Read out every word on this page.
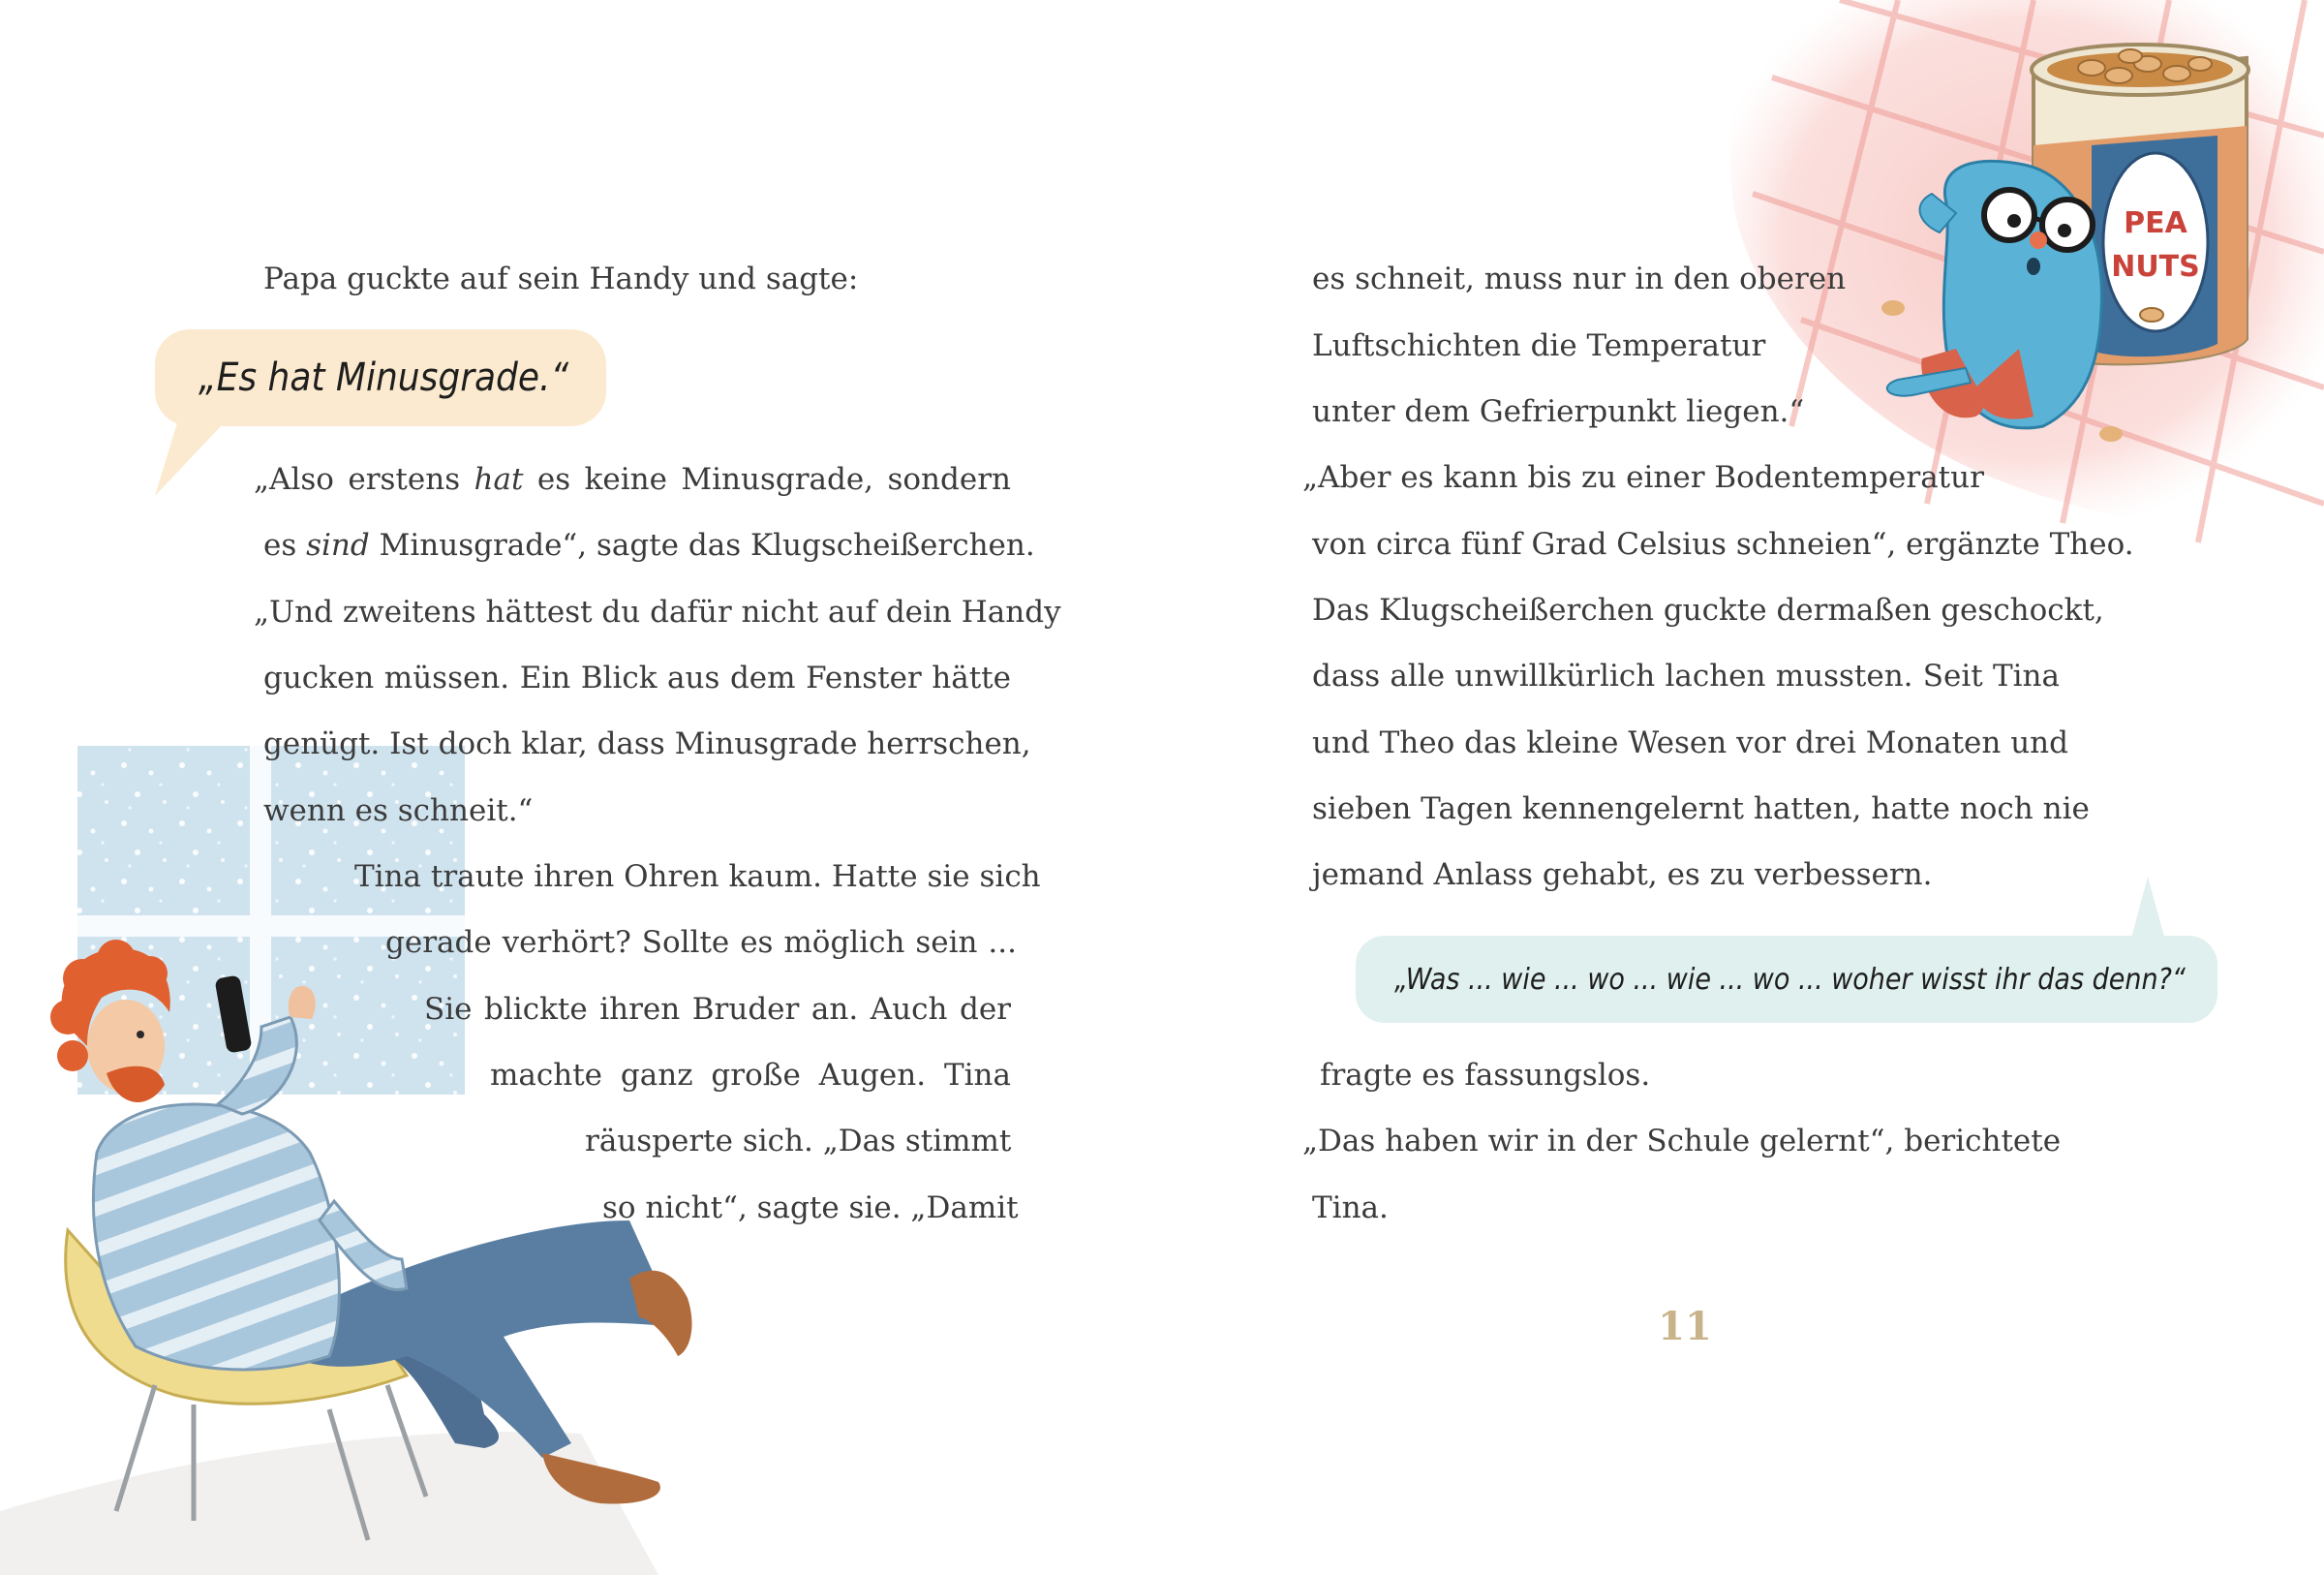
PEA
NUTS

Papa guckte auf sein Handy und sagte:

„Es hat Minusgrade.“

„Also erstens hat es keine Minusgrade, sondern

es sind Minusgrade“, sagte das Klugscheißerchen.

„Und zweitens hättest du dafür nicht auf dein Handy

gucken müssen. Ein Blick aus dem Fenster hätte

genügt. Ist doch klar, dass Minusgrade herrschen,

wenn es schneit.“

Tina traute ihren Ohren kaum. Hatte sie sich

gerade verhört? Sollte es möglich sein ...

Sie blickte ihren Bruder an. Auch der

machte ganz große Augen. Tina

räusperte sich. „Das stimmt

so nicht“, sagte sie. „Damit

es schneit, muss nur in den oberen

Luftschichten die Temperatur

unter dem Gefrierpunkt liegen.“

„Aber es kann bis zu einer Bodentemperatur

von circa fünf Grad Celsius schneien“, ergänzte Theo.

Das Klugscheißerchen guckte dermaßen geschockt,

dass alle unwillkürlich lachen mussten. Seit Tina

und Theo das kleine Wesen vor drei Monaten und

sieben Tagen kennengelernt hatten, hatte noch nie

jemand Anlass gehabt, es zu verbessern.

„Was ... wie ... wo ... wie ... wo ... woher wisst ihr das denn?“

fragte es fassungslos.

„Das haben wir in der Schule gelernt“, berichtete

Tina.

11
